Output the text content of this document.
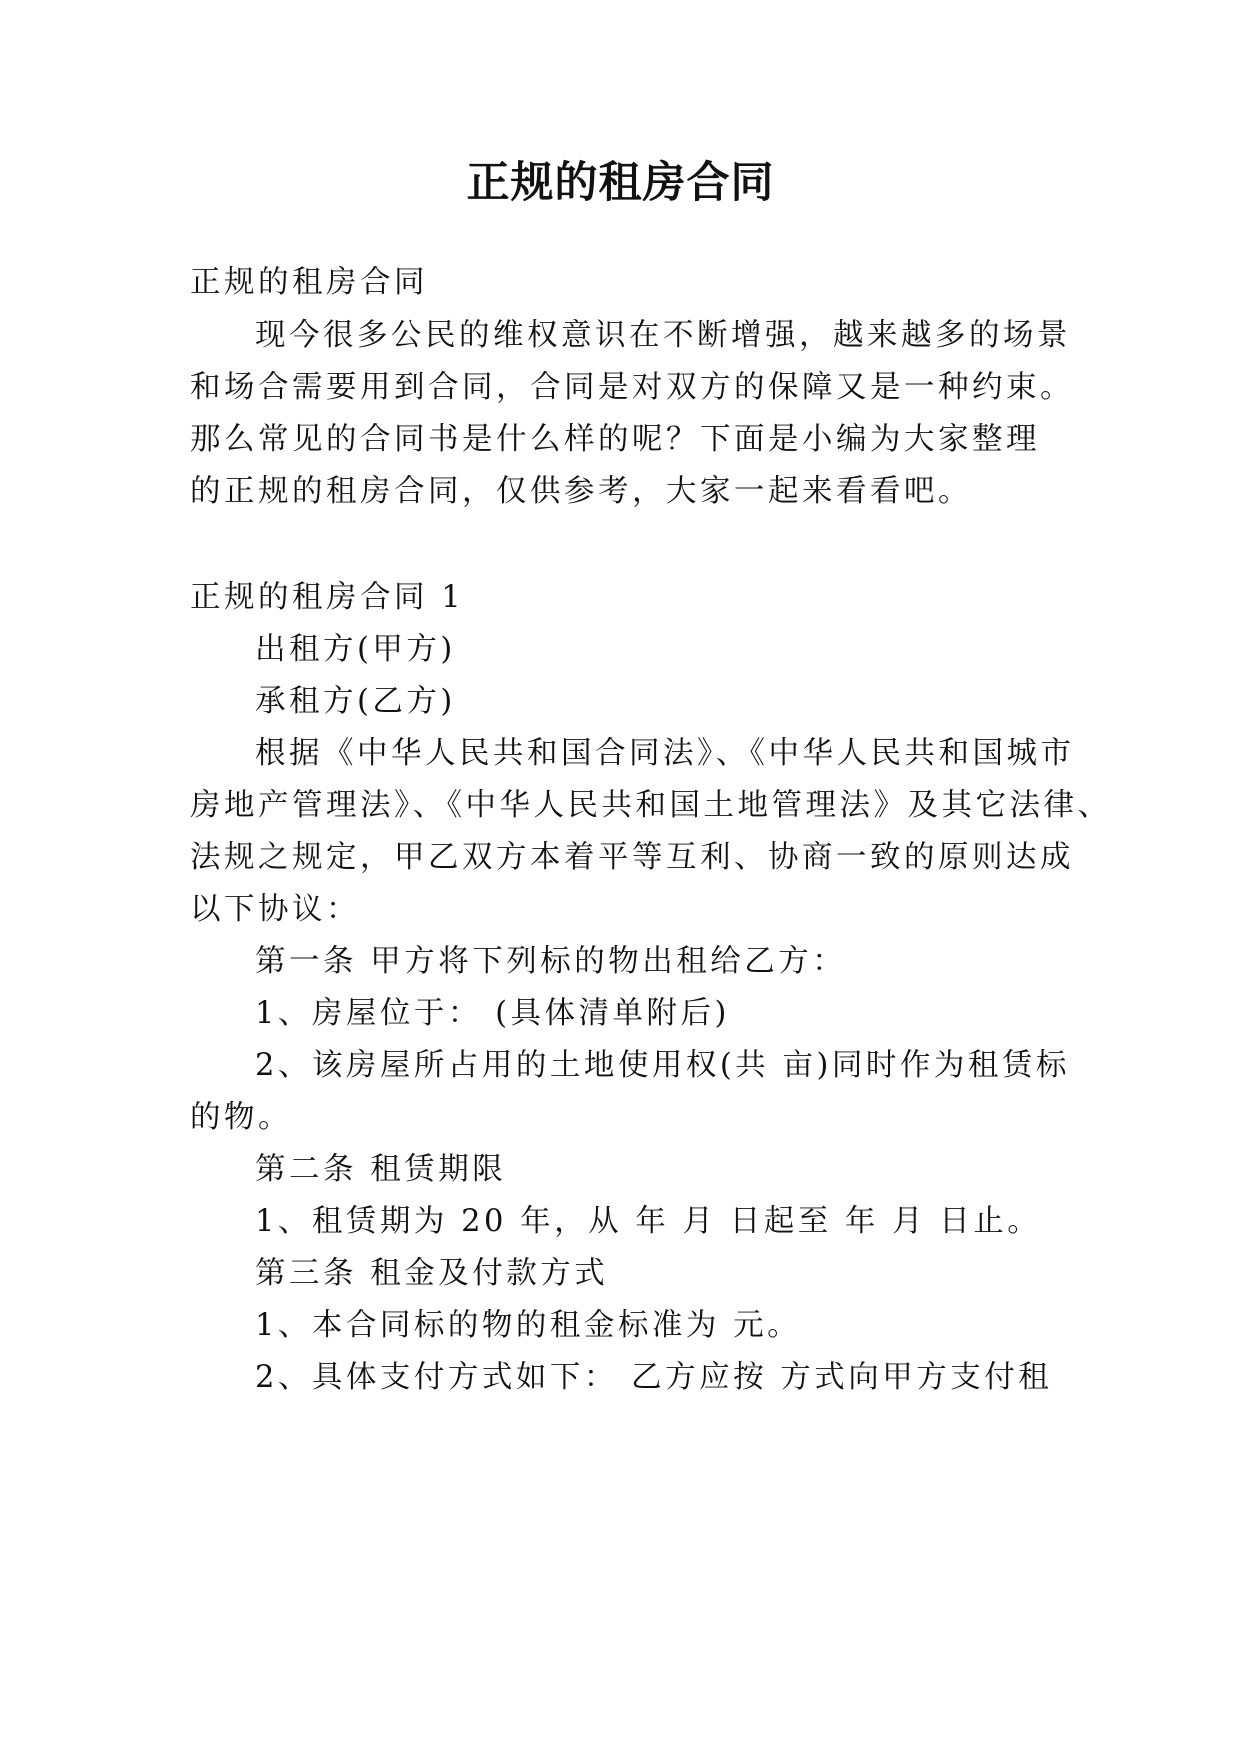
正规的租房合同
正规的租房合同
现今很多公民的维权意识在不断增强，越来越多的场景
和场合需要用到合同，合同是对双方的保障又是一种约束。
那么常见的合同书是什么样的呢？下面是小编为大家整理
的正规的租房合同，仅供参考，大家一起来看看吧。
正规的租房合同 1
出租方(甲方)
承租方(乙方)
根据《中华人民共和国合同法》、《中华人民共和国城市
房地产管理法》、《中华人民共和国土地管理法》及其它法律、
法规之规定，甲乙双方本着平等互利、协商一致的原则达成
以下协议：
第一条 甲方将下列标的物出租给乙方：
1、房屋位于： (具体清单附后)
2、该房屋所占用的土地使用权(共 亩)同时作为租赁标
的物。
第二条 租赁期限
1、租赁期为 20 年，从 年 月 日起至 年 月 日止。
第三条 租金及付款方式
1、本合同标的物的租金标准为 元。
2、具体支付方式如下： 乙方应按 方式向甲方支付租
